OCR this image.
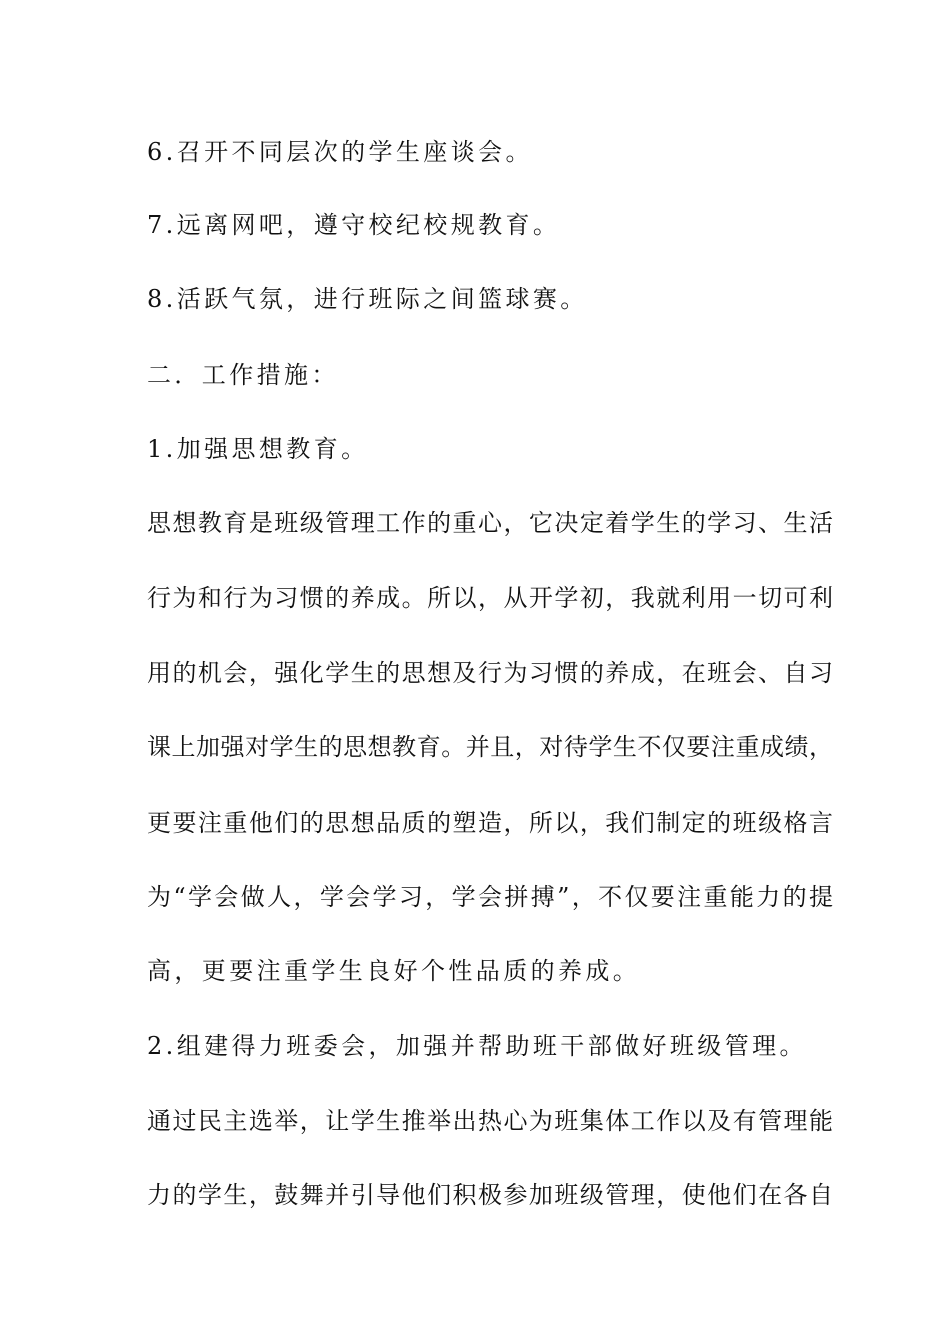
6.召开不同层次的学生座谈会。
7.远离网吧，遵守校纪校规教育。
8.活跃气氛，进行班际之间篮球赛。
二．工作措施：
1.加强思想教育。
思想教育是班级管理工作的重心，它决定着学生的学习、生活
行为和行为习惯的养成。所以，从开学初，我就利用一切可利
用的机会，强化学生的思想及行为习惯的养成，在班会、自习
课上加强对学生的思想教育。并且，对待学生不仅要注重成绩，
更要注重他们的思想品质的塑造，所以，我们制定的班级格言
为“学会做人，学会学习，学会拼搏”，不仅要注重能力的提
高，更要注重学生良好个性品质的养成。
2.组建得力班委会，加强并帮助班干部做好班级管理。
通过民主选举，让学生推举出热心为班集体工作以及有管理能
力的学生，鼓舞并引导他们积极参加班级管理，使他们在各自
